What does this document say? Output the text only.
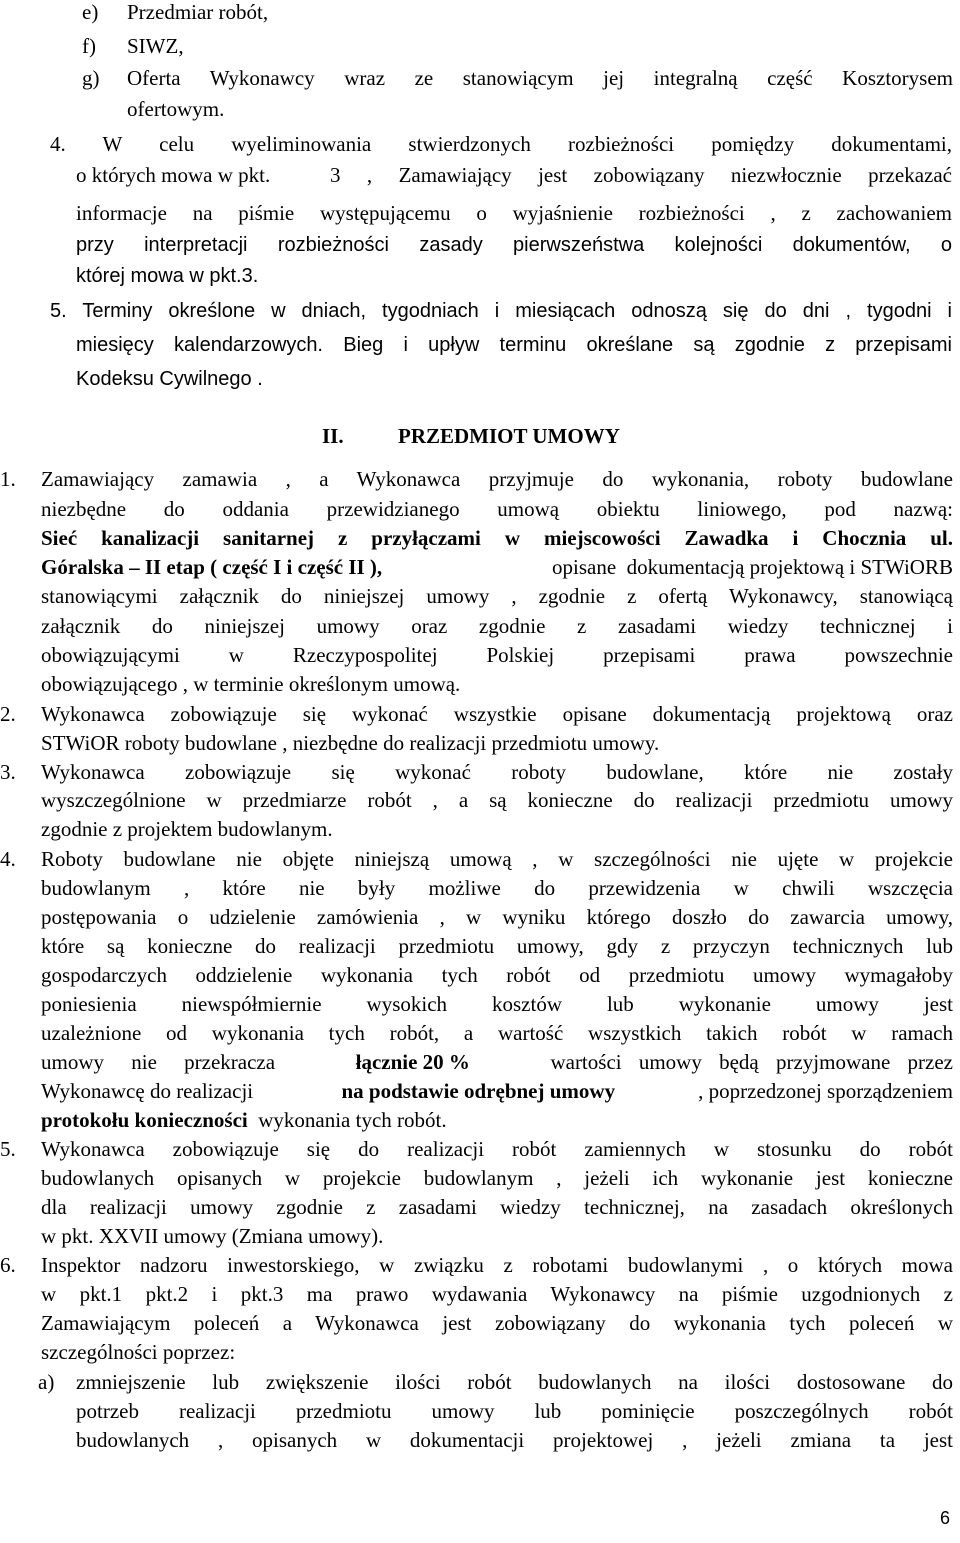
e) Przedmiar robót,
f) SIWZ,
g) Oferta Wykonawcy wraz ze stanowiącym jej integralną część Kosztorysem
ofertowym.
4. W celu wyeliminowania stwierdzonych rozbieżności pomiędzy dokumentami,
o których mowa w pkt.	3 , Zamawiający jest zobowiązany niezwłocznie przekazać
informacje na piśmie występującemu o wyjaśnienie rozbieżności , z zachowaniem
przy interpretacji rozbieżności zasady pierwszeństwa kolejności dokumentów, o
której mowa w pkt.3.
5. Terminy określone w dniach, tygodniach i miesiącach odnoszą się do dni , tygodni i
miesięcy kalendarzowych. Bieg i upływ terminu określane są zgodnie z przepisami
Kodeksu Cywilnego .
II.	PRZEDMIOT UMOWY
1. Zamawiający zamawia , a Wykonawca przyjmuje do wykonania, roboty budowlane
niezbędne do oddania przewidzianego umową obiektu liniowego, pod nazwą:
Sieć kanalizacji sanitarnej z przyłączami w miejscowości Zawadka i Chocznia ul.
Góralska – II etap ( część I i część II ),	opisane  dokumentacją projektową i STWiORB
stanowiącymi załącznik do niniejszej umowy , zgodnie z ofertą Wykonawcy, stanowiącą
załącznik do niniejszej umowy oraz zgodnie z zasadami wiedzy technicznej i
obowiązującymi w Rzeczypospolitej Polskiej przepisami prawa powszechnie
obowiązującego , w terminie określonym umową.
2. Wykonawca zobowiązuje się wykonać wszystkie opisane dokumentacją projektową oraz
STWiOR roboty budowlane , niezbędne do realizacji przedmiotu umowy.
3. Wykonawca zobowiązuje się wykonać roboty budowlane, które nie zostały
wyszczególnione w przedmiarze robót , a są konieczne do realizacji przedmiotu umowy
zgodnie z projektem budowlanym.
4. Roboty budowlane nie objęte niniejszą umową , w szczególności nie ujęte w projekcie
budowlanym , które nie były możliwe do przewidzenia w chwili wszczęcia
postępowania o udzielenie zamówienia , w wyniku którego doszło do zawarcia umowy,
które są konieczne do realizacji przedmiotu umowy, gdy z przyczyn technicznych lub
gospodarczych oddzielenie wykonania tych robót od przedmiotu umowy wymagałoby
poniesienia niewspółmiernie wysokich kosztów lub wykonanie umowy jest
uzależnione od wykonania tych robót, a wartość wszystkich takich robót w ramach
umowy nie przekracza	łącznie 20 %	wartości umowy będą przyjmowane przez
Wykonawcę do realizacji	na podstawie odrębnej umowy	, poprzedzonej sporządzeniem
protokołu konieczności  wykonania tych robót.
5. Wykonawca zobowiązuje się do realizacji robót zamiennych w stosunku do robót
budowlanych opisanych w projekcie budowlanym , jeżeli ich wykonanie jest konieczne
dla realizacji umowy zgodnie z zasadami wiedzy technicznej, na zasadach określonych
w pkt. XXVII umowy (Zmiana umowy).
6. Inspektor nadzoru inwestorskiego, w związku z robotami budowlanymi , o których mowa
w pkt.1 pkt.2 i pkt.3 ma prawo wydawania Wykonawcy na piśmie uzgodnionych z
Zamawiającym poleceń a Wykonawca jest zobowiązany do wykonania tych poleceń w
szczególności poprzez:
a) zmniejszenie lub zwiększenie ilości robót budowlanych na ilości dostosowane do
potrzeb realizacji przedmiotu umowy lub pominięcie poszczególnych robót
budowlanych , opisanych w dokumentacji projektowej , jeżeli zmiana ta jest
6
